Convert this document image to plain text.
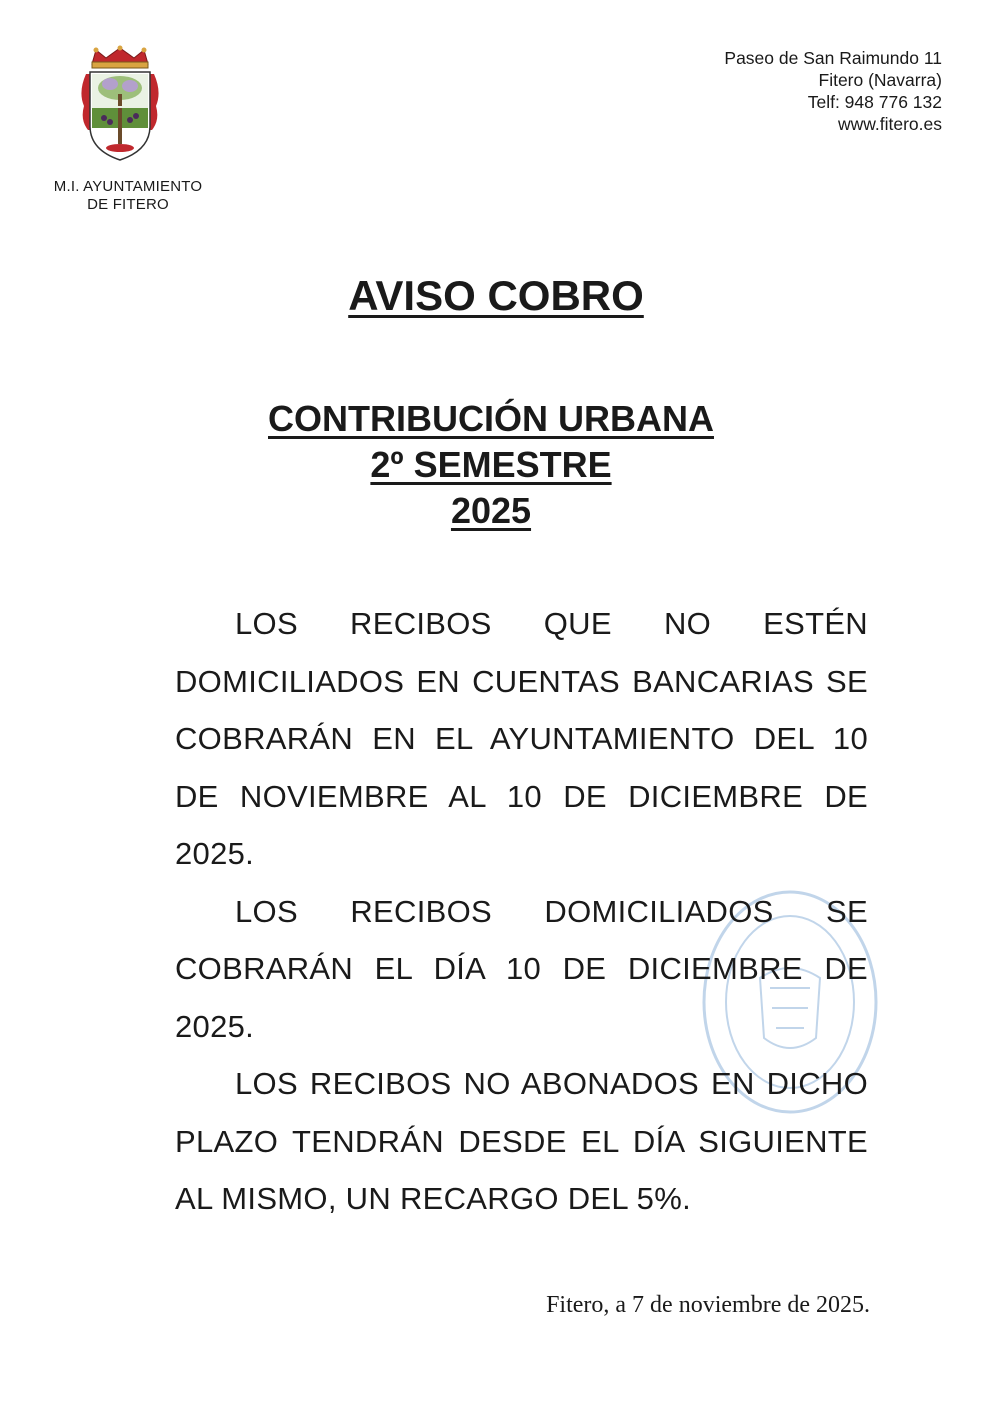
M.I. AYUNTAMIENTO
DE FITERO
Paseo de San Raimundo 11
Fitero (Navarra)
Telf: 948 776 132
www.fitero.es
AVISO COBRO
CONTRIBUCIÓN URBANA
2º SEMESTRE
2025

LOS RECIBOS QUE NO ESTÉN DOMICILIADOS EN CUENTAS BANCARIAS SE COBRARÁN EN EL AYUNTAMIENTO DEL 10 DE NOVIEMBRE AL 10 DE DICIEMBRE DE 2025.

LOS RECIBOS DOMICILIADOS SE COBRARÁN EL DÍA 10 DE DICIEMBRE DE 2025.

LOS RECIBOS NO ABONADOS EN DICHO PLAZO TENDRÁN DESDE EL DÍA SIGUIENTE AL MISMO, UN RECARGO DEL 5%.

Fitero, a 7 de noviembre de 2025.
